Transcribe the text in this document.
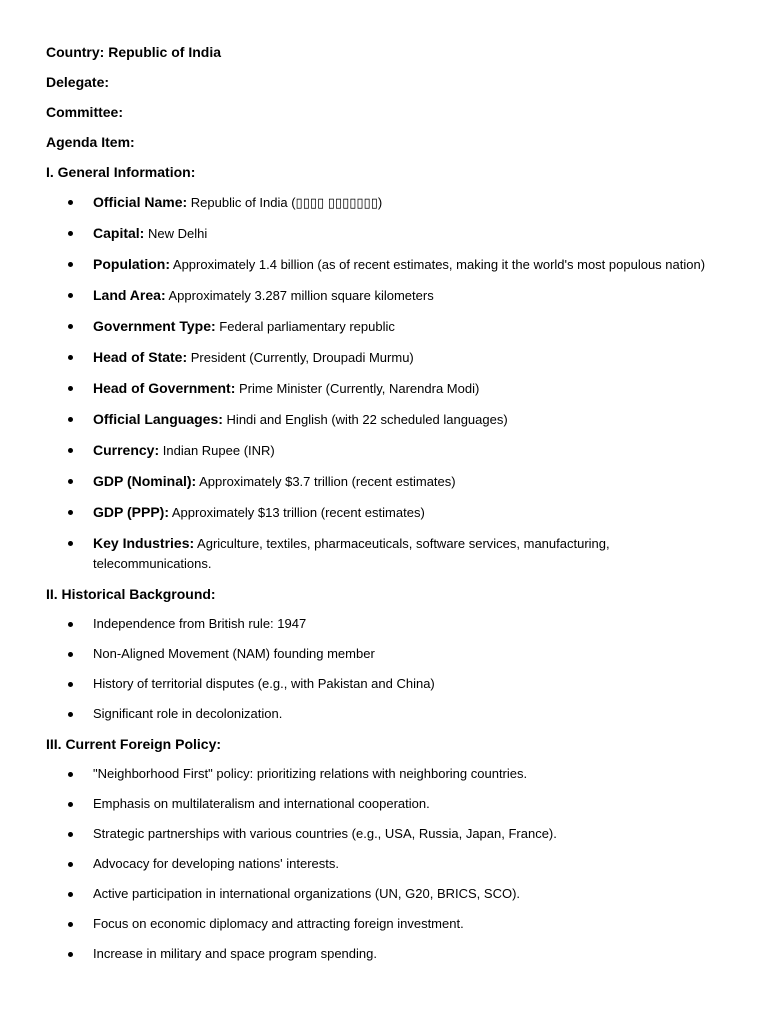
Country: Republic of India
Delegate:
Committee:
Agenda Item:
I. General Information:
Official Name: Republic of India (▯▯▯▯ ▯▯▯▯▯▯▯)
Capital: New Delhi
Population: Approximately 1.4 billion (as of recent estimates, making it the world's most populous nation)
Land Area: Approximately 3.287 million square kilometers
Government Type: Federal parliamentary republic
Head of State: President (Currently, Droupadi Murmu)
Head of Government: Prime Minister (Currently, Narendra Modi)
Official Languages: Hindi and English (with 22 scheduled languages)
Currency: Indian Rupee (INR)
GDP (Nominal): Approximately $3.7 trillion (recent estimates)
GDP (PPP): Approximately $13 trillion (recent estimates)
Key Industries: Agriculture, textiles, pharmaceuticals, software services, manufacturing, telecommunications.
II. Historical Background:
Independence from British rule: 1947
Non-Aligned Movement (NAM) founding member
History of territorial disputes (e.g., with Pakistan and China)
Significant role in decolonization.
III. Current Foreign Policy:
"Neighborhood First" policy: prioritizing relations with neighboring countries.
Emphasis on multilateralism and international cooperation.
Strategic partnerships with various countries (e.g., USA, Russia, Japan, France).
Advocacy for developing nations' interests.
Active participation in international organizations (UN, G20, BRICS, SCO).
Focus on economic diplomacy and attracting foreign investment.
Increase in military and space program spending.
